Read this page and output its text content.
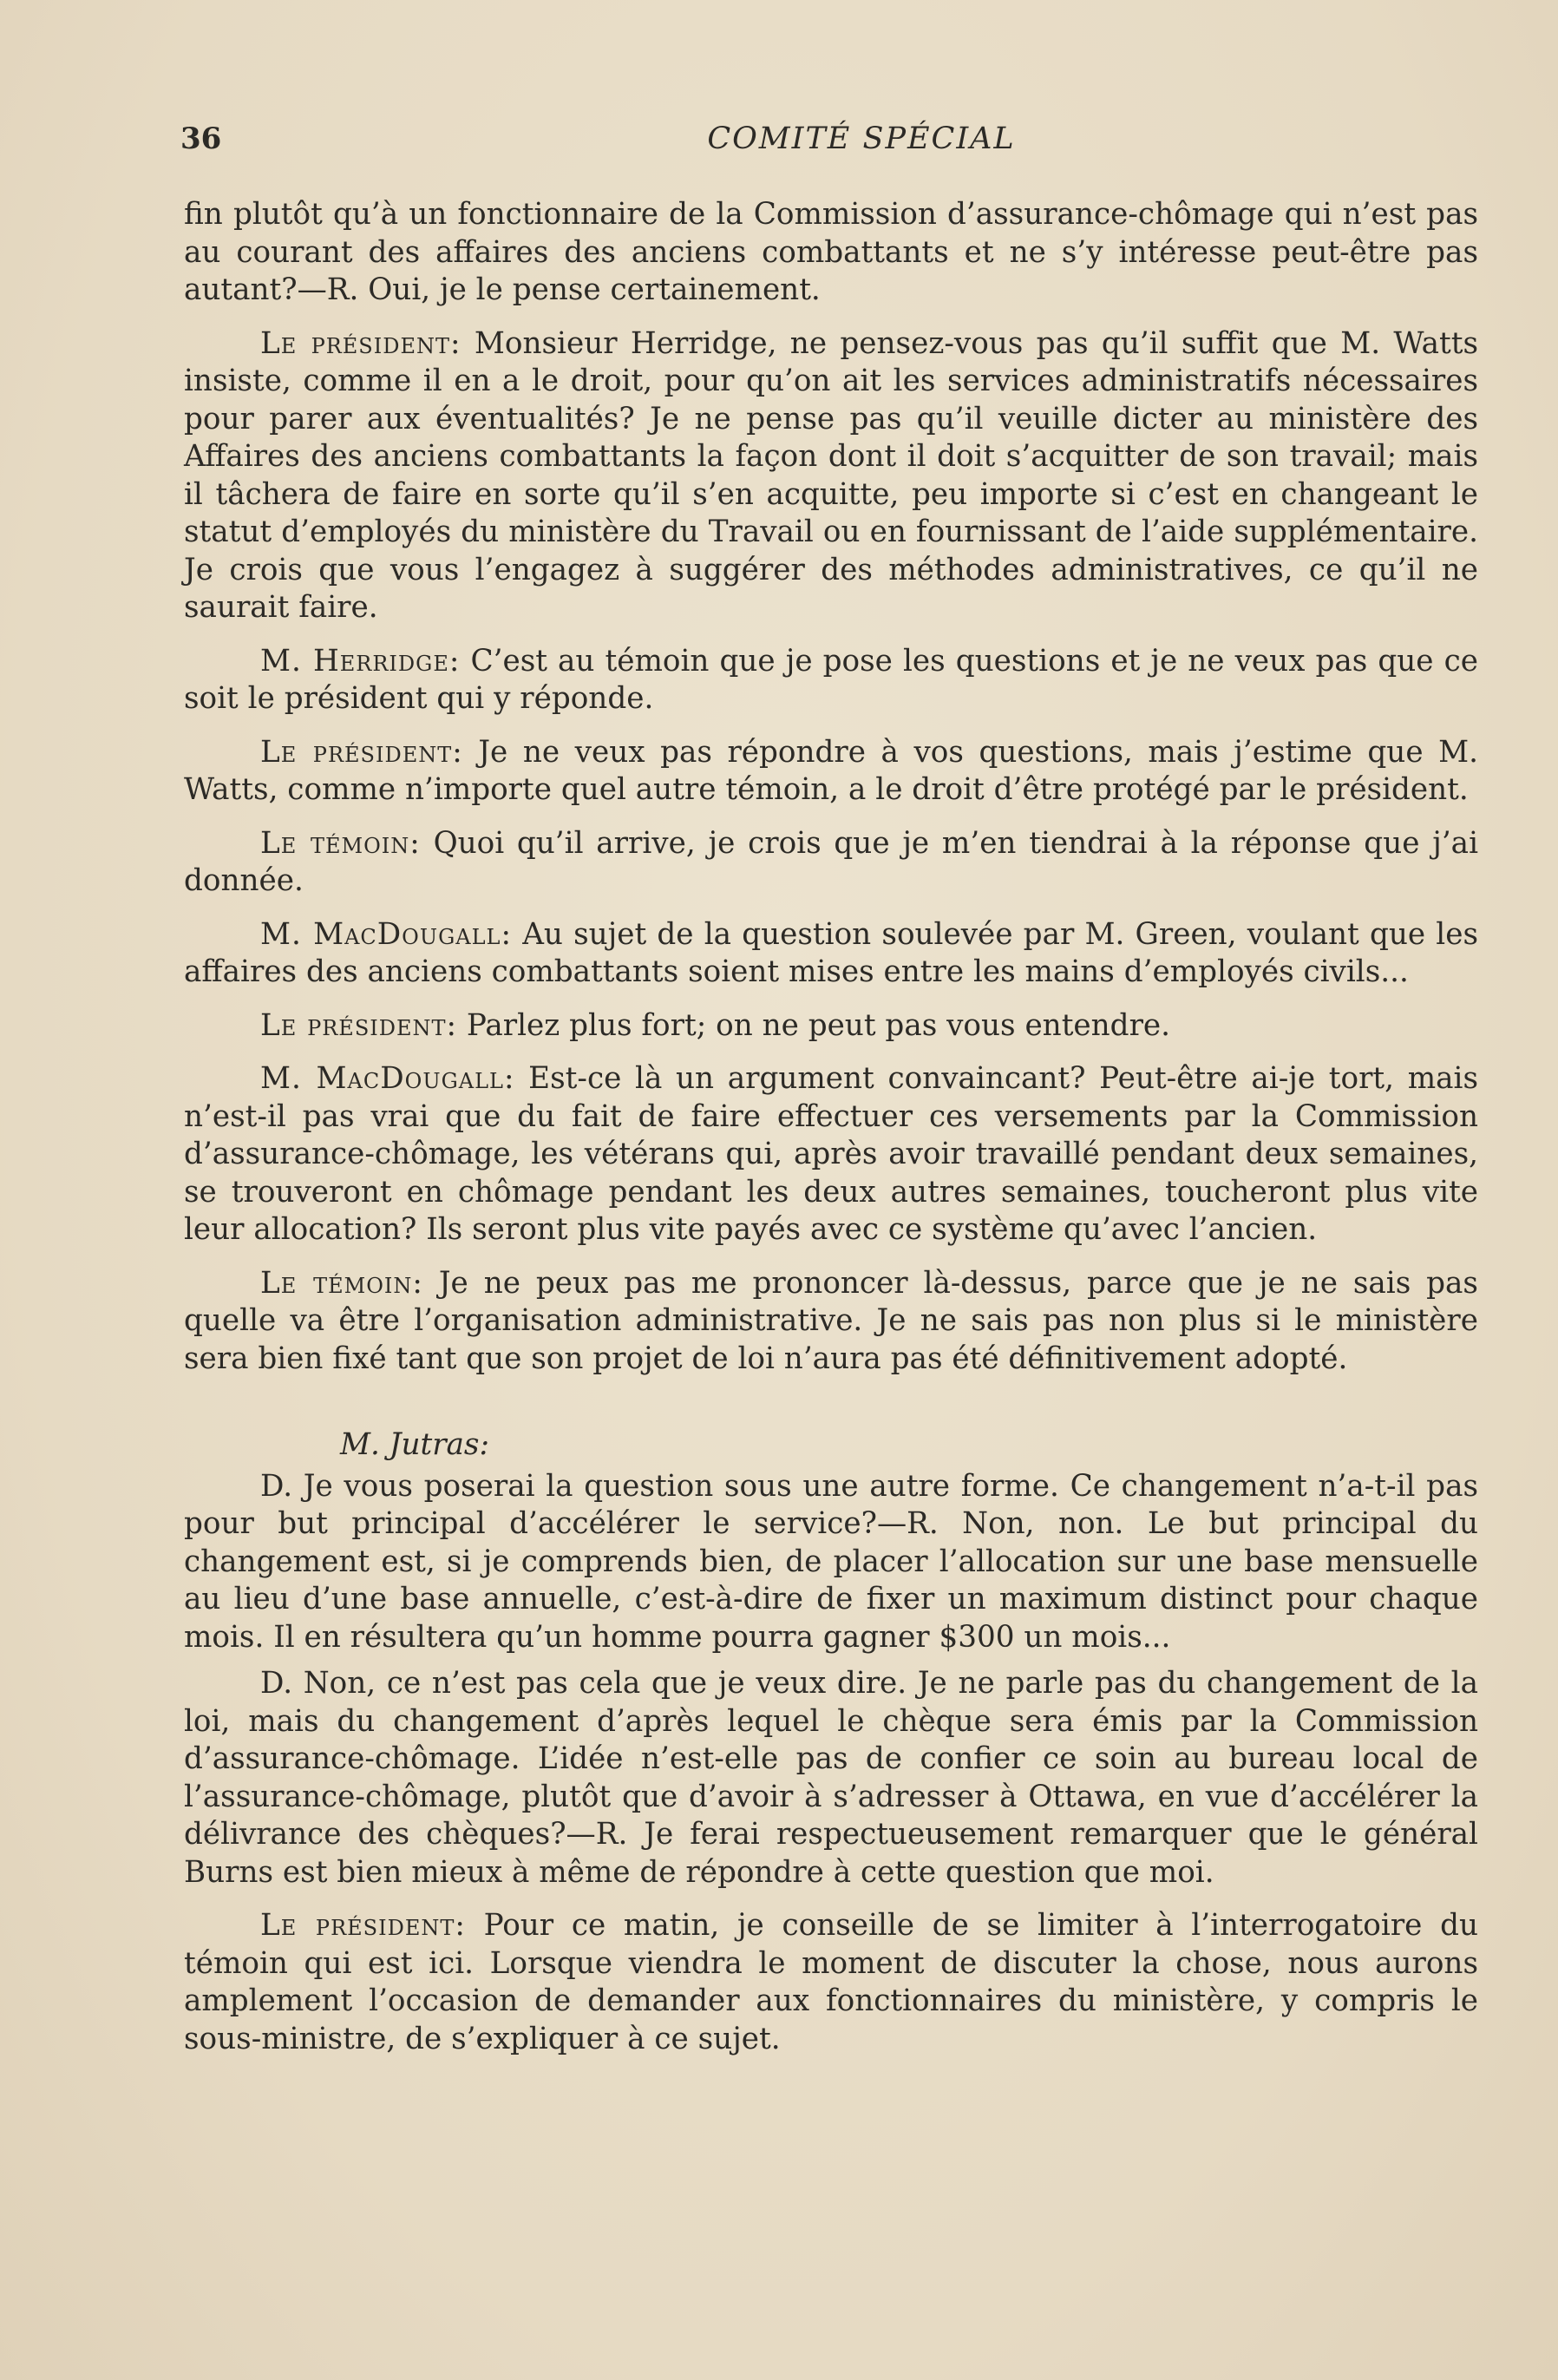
36	COMITÉ SPÉCIAL

fin plutôt qu’à un fonctionnaire de la Commission d’assurance-chômage qui n’est pas au courant des affaires des anciens combattants et ne s’y intéresse peut-être pas autant?—R. Oui, je le pense certainement.

Le président: Monsieur Herridge, ne pensez-vous pas qu’il suffit que M. Watts insiste, comme il en a le droit, pour qu’on ait les services administratifs nécessaires pour parer aux éventualités? Je ne pense pas qu’il veuille dicter au ministère des Affaires des anciens combattants la façon dont il doit s’acquitter de son travail; mais il tâchera de faire en sorte qu’il s’en acquitte, peu importe si c’est en changeant le statut d’employés du ministère du Travail ou en fournissant de l’aide supplémentaire. Je crois que vous l’engagez à suggérer des méthodes administratives, ce qu’il ne saurait faire.

M. Herridge: C’est au témoin que je pose les questions et je ne veux pas que ce soit le président qui y réponde.

Le président: Je ne veux pas répondre à vos questions, mais j’estime que M. Watts, comme n’importe quel autre témoin, a le droit d’être protégé par le président.

Le témoin: Quoi qu’il arrive, je crois que je m’en tiendrai à la réponse que j’ai donnée.

M. MacDougall: Au sujet de la question soulevée par M. Green, voulant que les affaires des anciens combattants soient mises entre les mains d’employés civils...

Le président: Parlez plus fort; on ne peut pas vous entendre.

M. MacDougall: Est-ce là un argument convaincant? Peut-être ai-je tort, mais n’est-il pas vrai que du fait de faire effectuer ces versements par la Commission d’assurance-chômage, les vétérans qui, après avoir travaillé pendant deux semaines, se trouveront en chômage pendant les deux autres semaines, toucheront plus vite leur allocation? Ils seront plus vite payés avec ce système qu’avec l’ancien.

Le témoin: Je ne peux pas me prononcer là-dessus, parce que je ne sais pas quelle va être l’organisation administrative. Je ne sais pas non plus si le ministère sera bien fixé tant que son projet de loi n’aura pas été définitivement adopté.

M. Jutras:

D. Je vous poserai la question sous une autre forme. Ce changement n’a-t-il pas pour but principal d’accélérer le service?—R. Non, non. Le but principal du changement est, si je comprends bien, de placer l’allocation sur une base mensuelle au lieu d’une base annuelle, c’est-à-dire de fixer un maximum distinct pour chaque mois. Il en résultera qu’un homme pourra gagner $300 un mois...

D. Non, ce n’est pas cela que je veux dire. Je ne parle pas du changement de la loi, mais du changement d’après lequel le chèque sera émis par la Commission d’assurance-chômage. L’idée n’est-elle pas de confier ce soin au bureau local de l’assurance-chômage, plutôt que d’avoir à s’adresser à Ottawa, en vue d’accélérer la délivrance des chèques?—R. Je ferai respectueusement remarquer que le général Burns est bien mieux à même de répondre à cette question que moi.

Le président: Pour ce matin, je conseille de se limiter à l’interrogatoire du témoin qui est ici. Lorsque viendra le moment de discuter la chose, nous aurons amplement l’occasion de demander aux fonctionnaires du ministère, y compris le sous-ministre, de s’expliquer à ce sujet.
